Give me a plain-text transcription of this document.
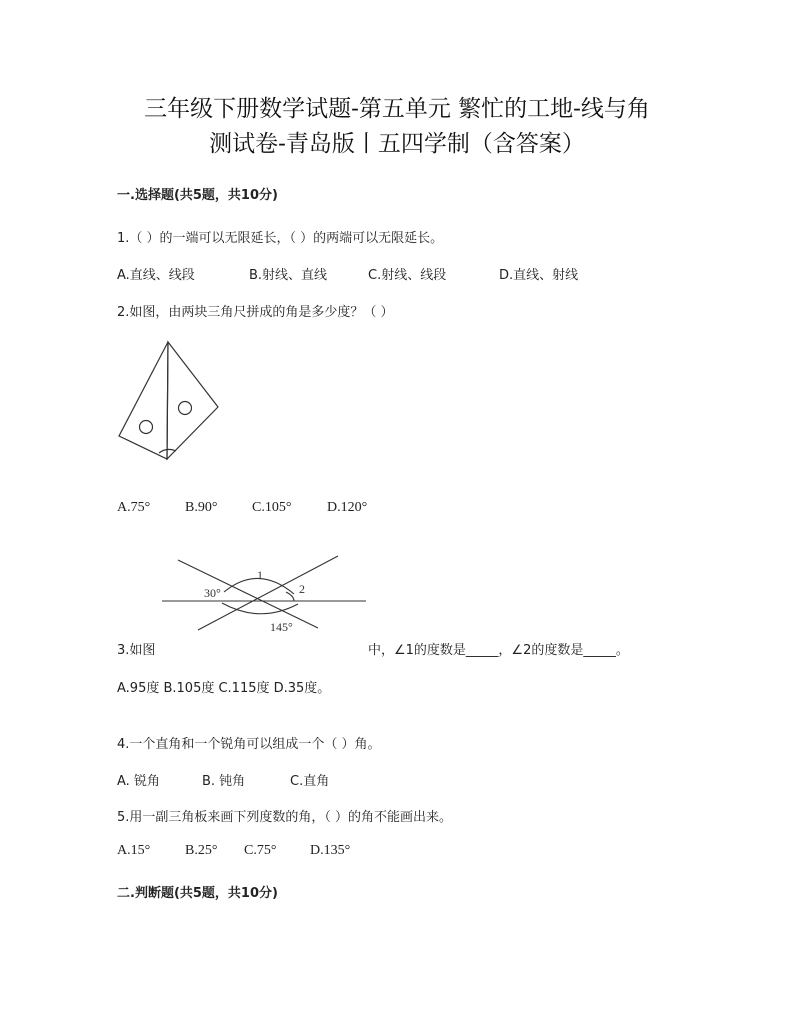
三年级下册数学试题-第五单元 繁忙的工地-线与角
测试卷-青岛版丨五四学制（含答案）
一.选择题(共5题，共10分)
1.（ ）的一端可以无限延长，（ ）的两端可以无限延长。
A.直线、线段	B.射线、直线	C.射线、线段	D.直线、射线
2.如图，由两块三角尺拼成的角是多少度？（ ）
A.75° B.90° C.105°	D.120°
30°
1
2
145°
3.如图	中，∠1的度数是_____，∠2的度数是_____。
A.95度 B.105度 C.115度 D.35度。
4.一个直角和一个锐角可以组成一个（ ）角。
A. 锐角	B. 钝角	C.直角
5.用一副三角板来画下列度数的角，（ ）的角不能画出来。
A.15° B.25° C.75° D.135°
二.判断题(共5题，共10分)
